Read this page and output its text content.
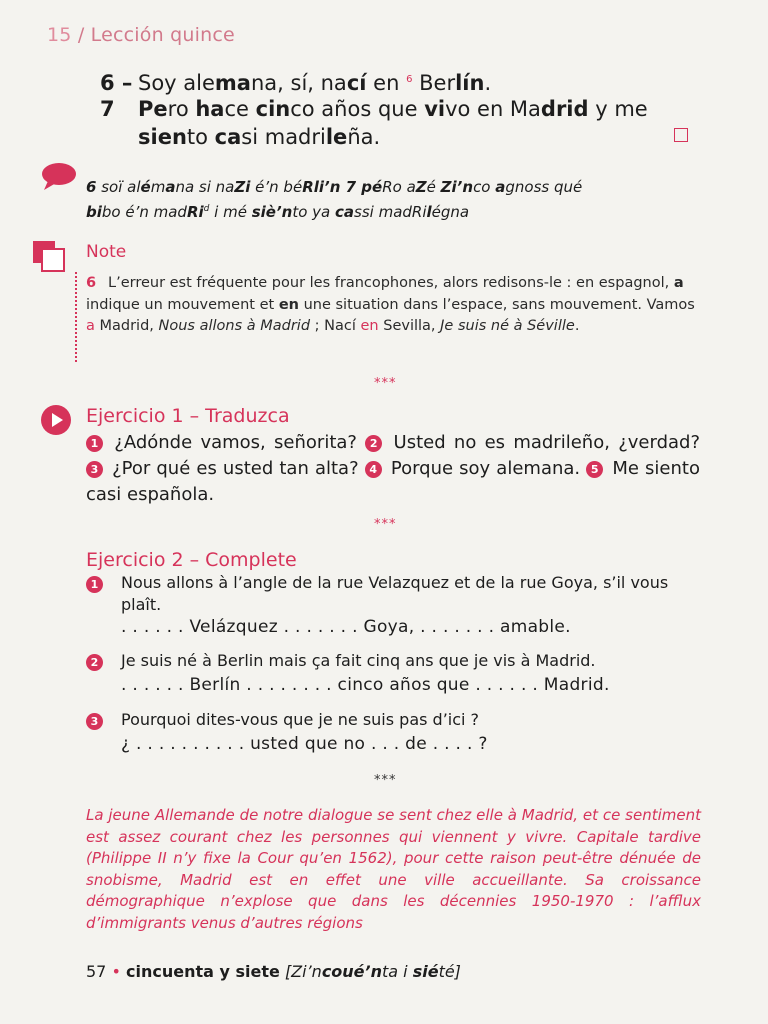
15 / Lección quince
6 – Soy alemana, sí, nací en $^6$ Berlín.
7 Pero hace cinco años que vivo en Madrid y me
siento casi madrileña.
6 soï alémana si naZi é’n béRli’n 7 péRo aZé Zi’nco agnoss qué
bibo é’n madRi$^d$ i mé siè’nto ya cassi madRilégna
Note
6 L’erreur est fréquente pour les francophones, alors redisons-le : en espagnol, a indique un mouvement et en une situation dans l’espace, sans mouvement. Vamos a Madrid, Nous allons à Madrid ; Nací en Sevilla, Je suis né à Séville.
***
Ejercicio 1 – Traduzca
1 ¿Adónde vamos, señorita? 2 Usted no es madrileño, ¿verdad? 3 ¿Por qué es usted tan alta? 4 Porque soy alemana. 5 Me siento casi española.
***
Ejercicio 2 – Complete
1 Nous allons à l’angle de la rue Velazquez et de la rue Goya, s’il vous plaît.
. . . . . . Velázquez . . . . . . . Goya, . . . . . . . amable.
2 Je suis né à Berlin mais ça fait cinq ans que je vis à Madrid.
. . . . . . Berlín . . . . . . . . cinco años que . . . . . . Madrid.
3 Pourquoi dites-vous que je ne suis pas d’ici ?
¿ . . . . . . . . . . usted que no . . . de . . . . ?
***
La jeune Allemande de notre dialogue se sent chez elle à Madrid, et ce sentiment est assez courant chez les personnes qui viennent y vivre. Capitale tardive (Philippe II n’y fixe la Cour qu’en 1562), pour cette raison peut-être dénuée de snobisme, Madrid est en effet une ville accueillante. Sa croissance démographique n’explose que dans les décennies 1950-1970 : l’afflux d’immigrants venus d’autres régions
57 • cincuenta y siete [Zi’ncoué’nta i siété]
